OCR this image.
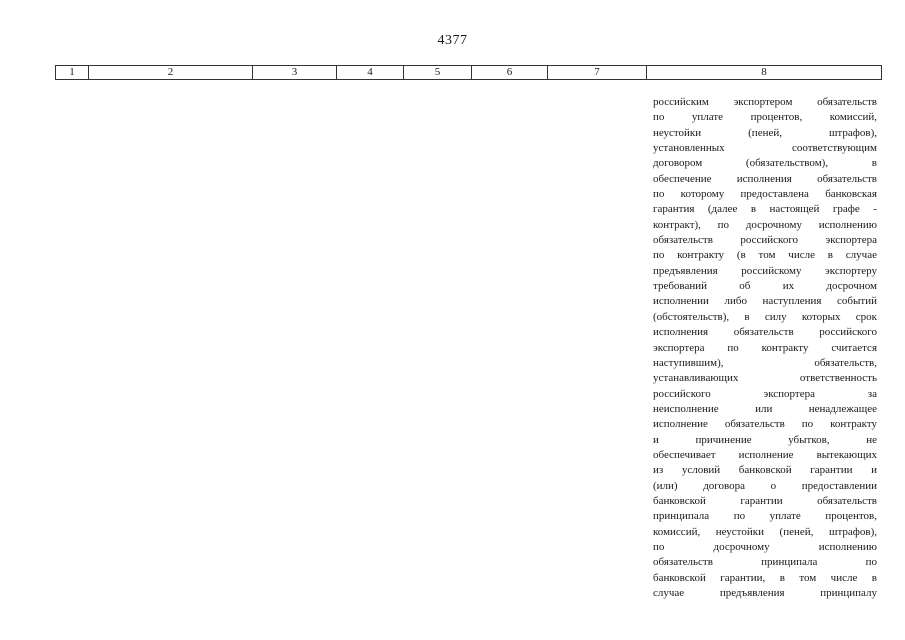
4377
1	2	3	4	5	6	7	8
российским экспортером обязательств
по	уплате	процентов,	комиссий,
неустойки	(пеней,	штрафов),
установленных	соответствующим
договором	(обязательством),	в
обеспечение исполнения обязательств
по которому предоставлена банковская
гарантия (далее в настоящей графе -
контракт), по досрочному исполнению
обязательств российского экспортера
по контракту (в том числе в случае
предъявления российскому экспортеру
требований	об	их	досрочном
исполнении либо наступления событий
(обстоятельств), в силу которых срок
исполнения обязательств российского
экспортера по контракту считается
наступившим),	обязательств,
устанавливающих	ответственность
российского	экспортера	за
неисполнение	или	ненадлежащее
исполнение обязательств по контракту
и	причинение	убытков,	не
обеспечивает исполнение вытекающих
из условий банковской гарантии и
(или) договора о предоставлении
банковской	гарантии	обязательств
принципала по уплате процентов,
комиссий, неустойки (пеней, штрафов),
по	досрочному	исполнению
обязательств	принципала	по
банковской гарантии, в том числе в
случае	предъявления	принципалу
